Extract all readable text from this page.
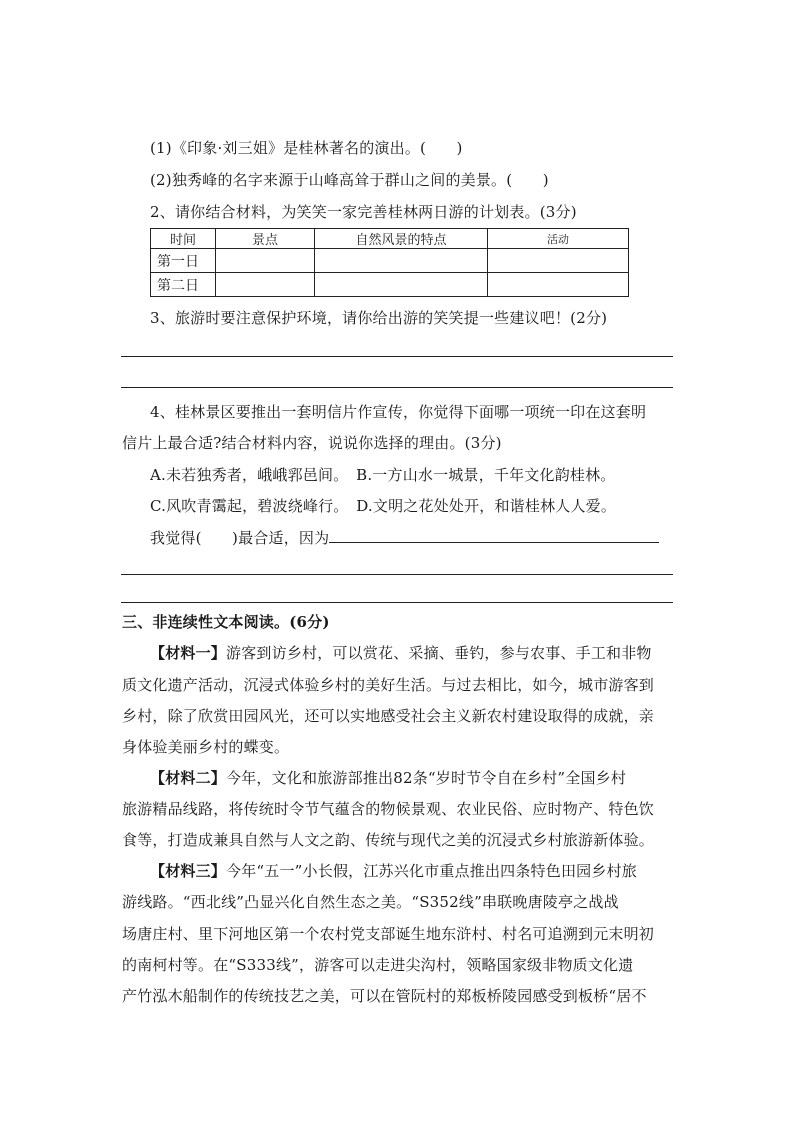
(1)《印象·刘三姐》是桂林著名的演出。(　　)
(2)独秀峰的名字来源于山峰高耸于群山之间的美景。(　　)
2、请你结合材料，为笑笑一家完善桂林两日游的计划表。(3分)
时间	景点	自然风景的特点	活动
第一日			
第二日			
3、旅游时要注意保护环境，请你给出游的笑笑提一些建议吧！(2分)
4、桂林景区要推出一套明信片作宣传，你觉得下面哪一项统一印在这套明
信片上最合适?结合材料内容，说说你选择的理由。(3分)
A.未若独秀者，峨峨郛邑间。　B.一方山水一城景，千年文化韵桂林。
C.风吹青霭起，碧波绕峰行。　D.文明之花处处开，和谐桂林人人爱。
我觉得(　　)最合适，因为
三、非连续性文本阅读。(6分)
【材料一】游客到访乡村，可以赏花、采摘、垂钓，参与农事、手工和非物
质文化遗产活动，沉浸式体验乡村的美好生活。与过去相比，如今，城市游客到
乡村，除了欣赏田园风光，还可以实地感受社会主义新农村建设取得的成就，亲
身体验美丽乡村的蝶变。
【材料二】今年，文化和旅游部推出82条“岁时节令自在乡村”全国乡村
旅游精品线路，将传统时令节气蕴含的物候景观、农业民俗、应时物产、特色饮
食等，打造成兼具自然与人文之韵、传统与现代之美的沉浸式乡村旅游新体验。
【材料三】今年“五一”小长假，江苏兴化市重点推出四条特色田园乡村旅
游线路。“西北线”凸显兴化自然生态之美。“S352线”串联晚唐陵亭之战战
场唐庄村、里下河地区第一个农村党支部诞生地东浒村、村名可追溯到元末明初
的南柯村等。在“S333线”，游客可以走进尖沟村，领略国家级非物质文化遗
产竹泓木船制作的传统技艺之美，可以在管阮村的郑板桥陵园感受到板桥“居不
